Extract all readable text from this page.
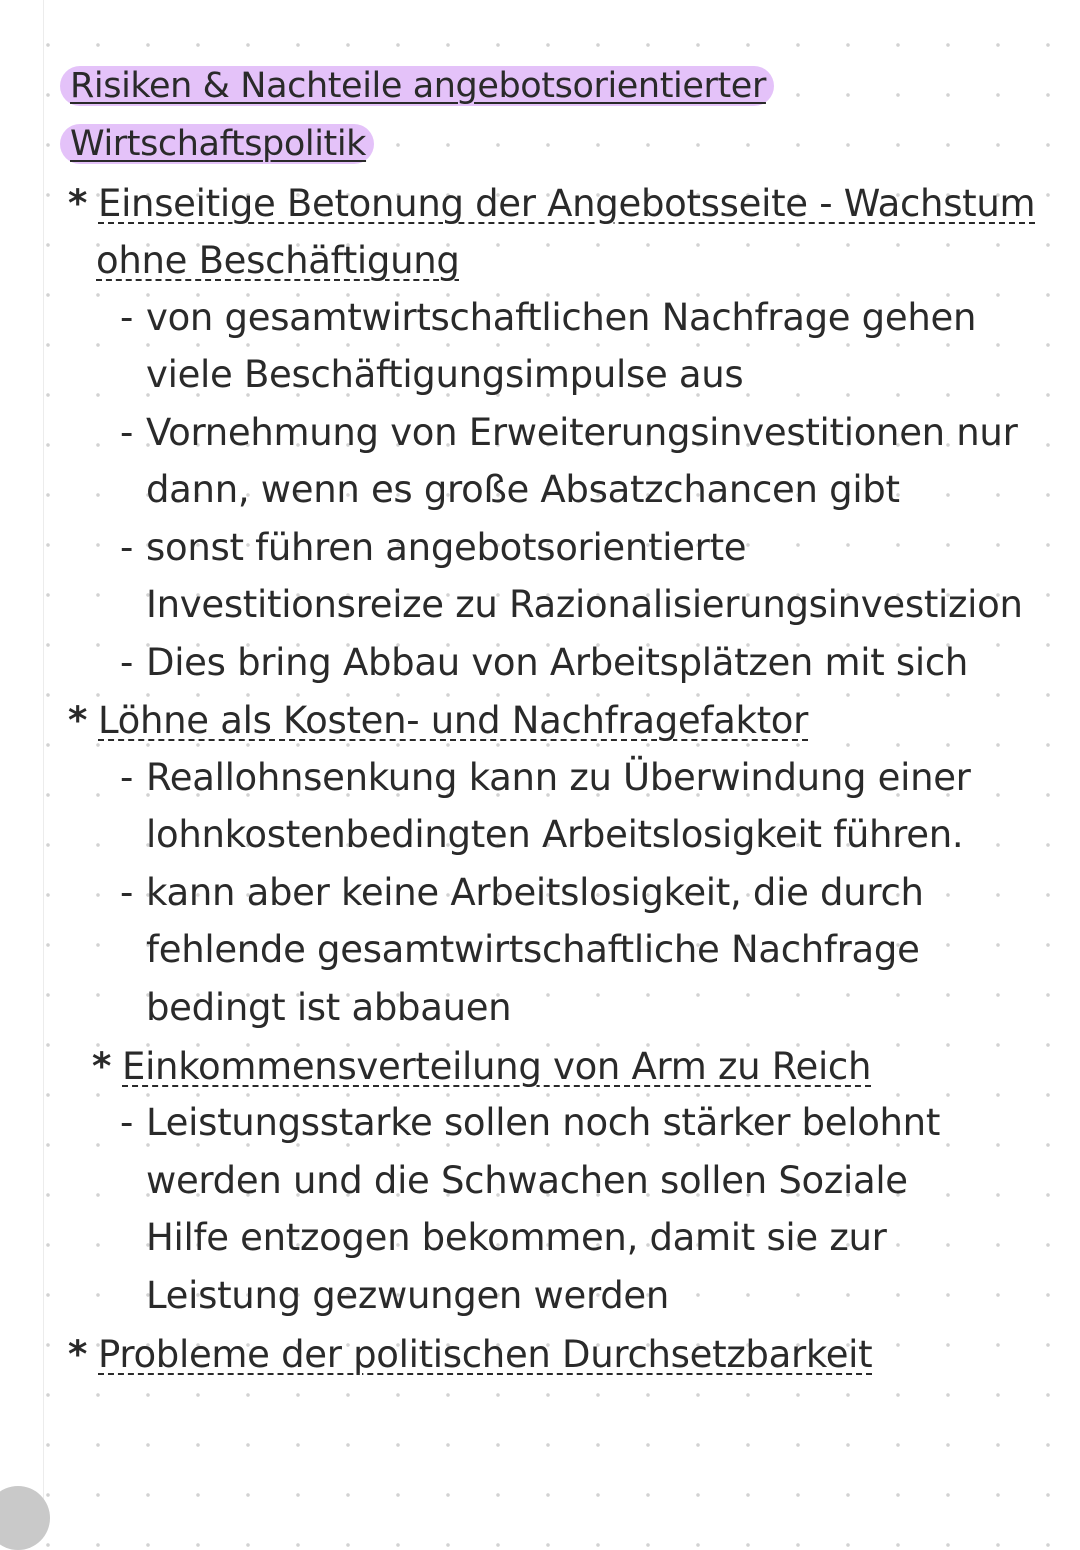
Risiken & Nachteile angebotsorientierter
Wirtschaftspolitik
* Einseitige Betonung der Angebotsseite - Wachstum
ohne Beschäftigung
- von gesamtwirtschaftlichen Nachfrage gehen
viele Beschäftigungsimpulse aus
- Vornehmung von Erweiterungsinvestitionen nur
dann, wenn es große Absatzchancen gibt
- sonst führen angebotsorientierte
Investitionsreize zu Razionalisierungsinvestizion
- Dies bring Abbau von Arbeitsplätzen mit sich
* Löhne als Kosten- und Nachfragefaktor
- Reallohnsenkung kann zu Überwindung einer
lohnkostenbedingten Arbeitslosigkeit führen.
- kann aber keine Arbeitslosigkeit, die durch
fehlende gesamtwirtschaftliche Nachfrage
bedingt ist abbauen
* Einkommensverteilung von Arm zu Reich
- Leistungsstarke sollen noch stärker belohnt
werden und die Schwachen sollen Soziale
Hilfe entzogen bekommen, damit sie zur
Leistung gezwungen werden
* Probleme der politischen Durchsetzbarkeit
